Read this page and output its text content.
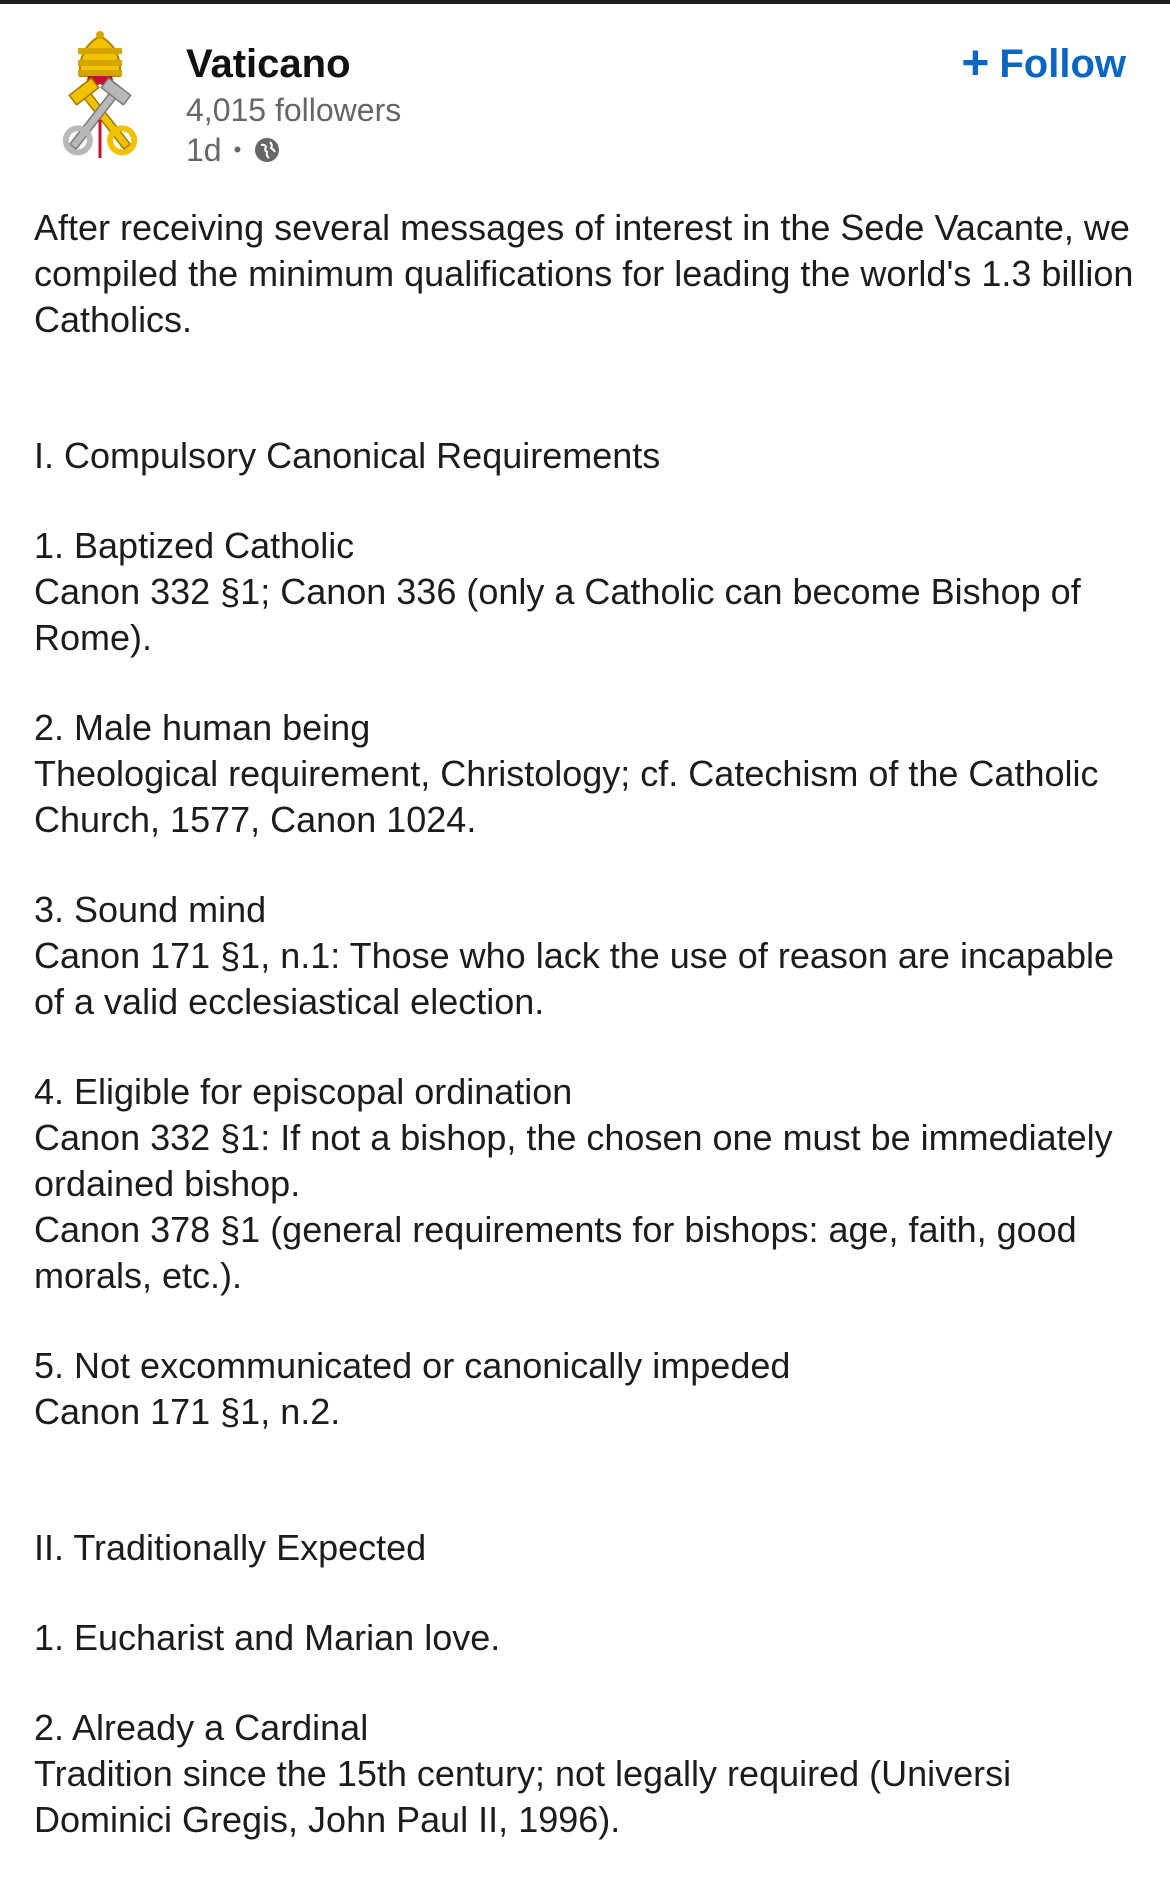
Vaticano
4,015 followers
1d •
+ Follow

After receiving several messages of interest in the Sede Vacante, we compiled the minimum qualifications for leading the world's 1.3 billion Catholics.

I. Compulsory Canonical Requirements

1. Baptized Catholic

Canon 332 §1; Canon 336 (only a Catholic can become Bishop of Rome).

2. Male human being

Theological requirement, Christology; cf. Catechism of the Catholic Church, 1577, Canon 1024.

3. Sound mind

Canon 171 §1, n.1: Those who lack the use of reason are incapable of a valid ecclesiastical election.

4. Eligible for episcopal ordination

Canon 332 §1: If not a bishop, the chosen one must be immediately ordained bishop.

Canon 378 §1 (general requirements for bishops: age, faith, good morals, etc.).

5. Not excommunicated or canonically impeded

Canon 171 §1, n.2.

II. Traditionally Expected

1. Eucharist and Marian love.

2. Already a Cardinal

Tradition since the 15th century; not legally required (Universi Dominici Gregis, John Paul II, 1996).
